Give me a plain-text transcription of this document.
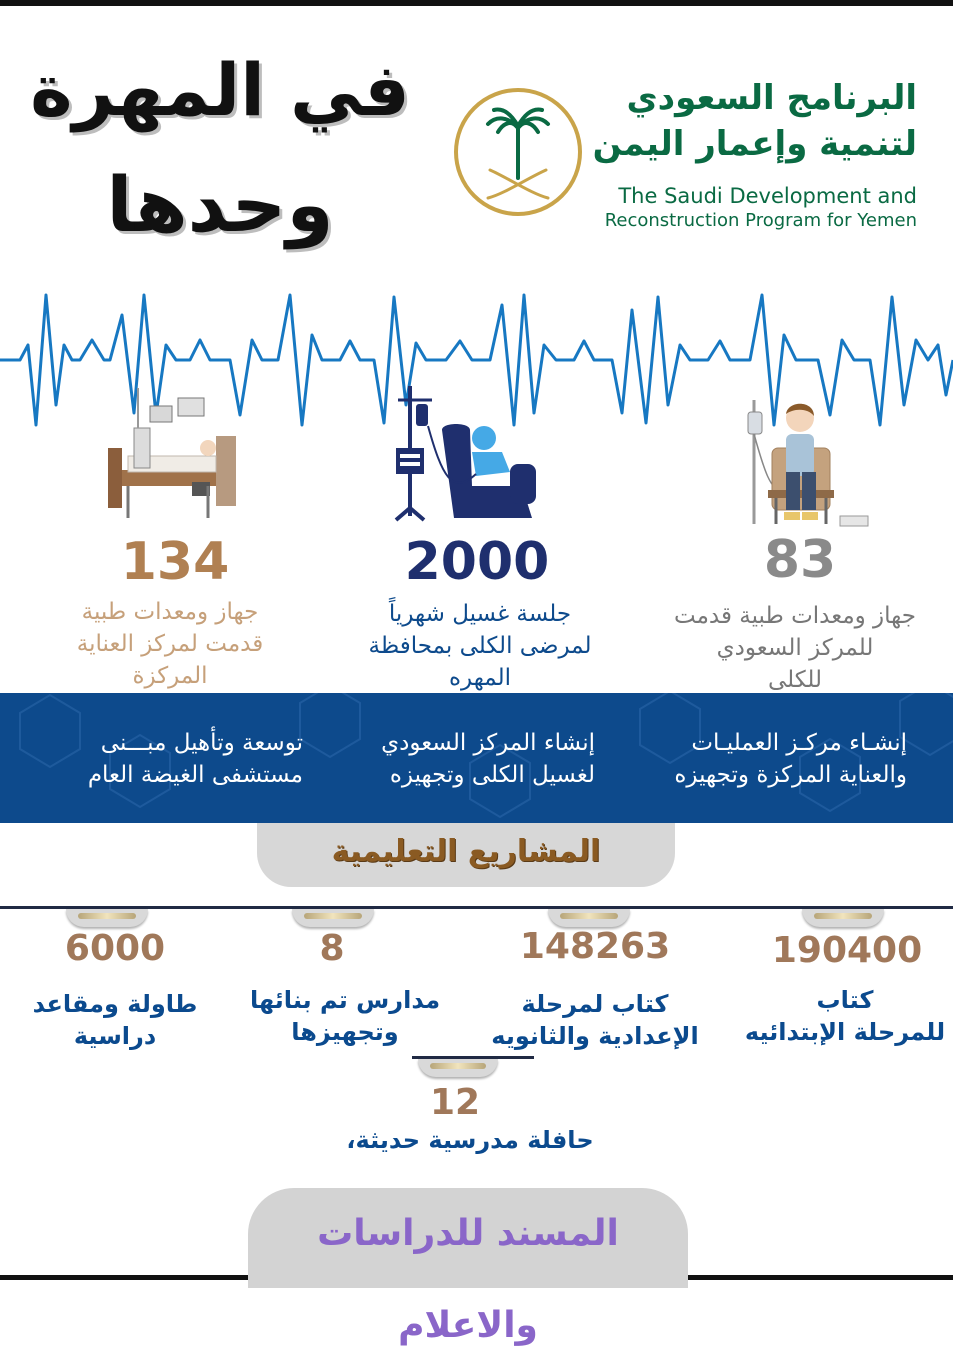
في المهرة
وحدها
البرنامج السعودي
لتنمية وإعمار اليمن
The Saudi Development and
Reconstruction Program for Yemen
134
جهاز ومعدات طبية
قدمت لمركز العناية
المركزة
2000
جلسة غسيل شهرياً
لمرضى الكلى بمحافظة
المهره
83
جهاز ومعدات طبية قدمت
للمركز السعودي
للكلى
توسعة وتأهيل مبـــنى
مستشفى الغيضة العام
إنشاء المركز السعودي
لغسيل الكلى وتجهيزه
إنشـاء مركـز العمليـات
والعناية المركزة وتجهيزه
المشاريع التعليمية
6000
طاولة ومقاعد
دراسية
8
مدارس تم بنائها
وتجهيزها
148263
كتاب لمرحلة
الإعدادية والثانويه
190400
كتاب
للمرحلة الإبتدائيه
12
حافلة مدرسية حديثة،
المسند للدراسات والاعلام
